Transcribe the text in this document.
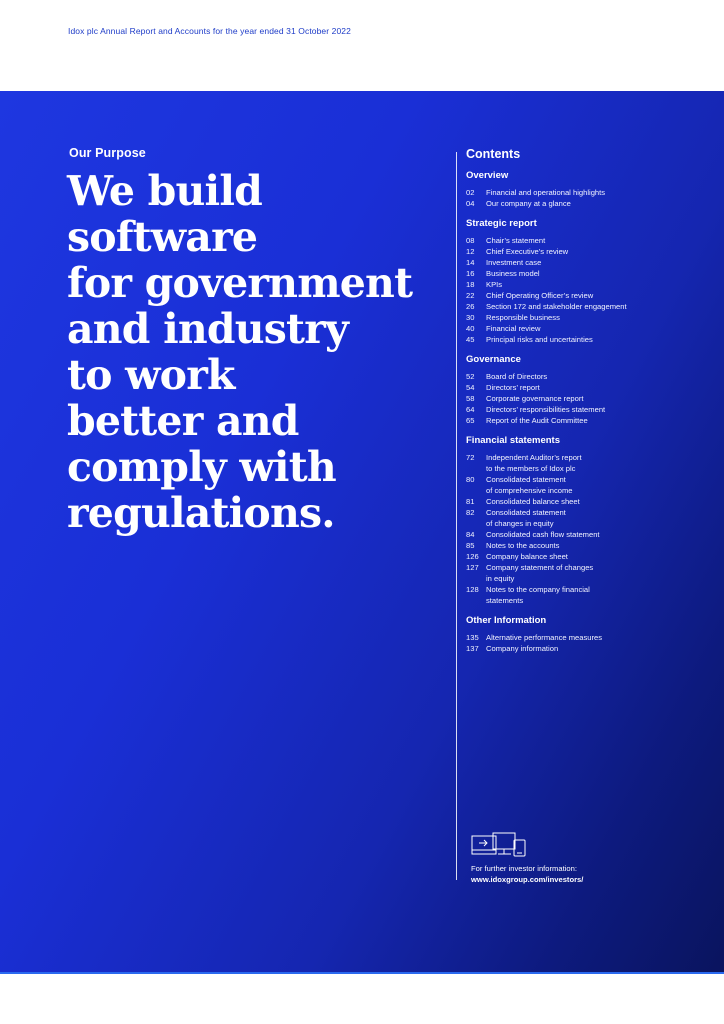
Idox plc Annual Report and Accounts for the year ended 31 October 2022
Our Purpose
We build
software
for government
and industry
to work
better and
comply with
regulations.
Contents
Overview
02	Financial and operational highlights
04	Our company at a glance
Strategic report
08	Chair’s statement
12	Chief Executive’s review
14	Investment case
16	Business model
18	KPIs
22	Chief Operating Officer’s review
26	Section 172 and stakeholder engagement
30	Responsible business
40	Financial review
45	Principal risks and uncertainties
Governance
52	Board of Directors
54	Directors’ report
58	Corporate governance report
64	Directors’ responsibilities statement
65	Report of the Audit Committee
Financial statements
72	Independent Auditor’s report
to the members of Idox plc
80	Consolidated statement
of comprehensive income
81	Consolidated balance sheet
82	Consolidated statement
of changes in equity
84	Consolidated cash flow statement
85	Notes to the accounts
126 Company balance sheet
127 Company statement of changes
in equity
128 Notes to the company financial
statements
Other Information
135 Alternative performance measures
137 Company information
For further investor information:
www.idoxgroup.com/investors/
